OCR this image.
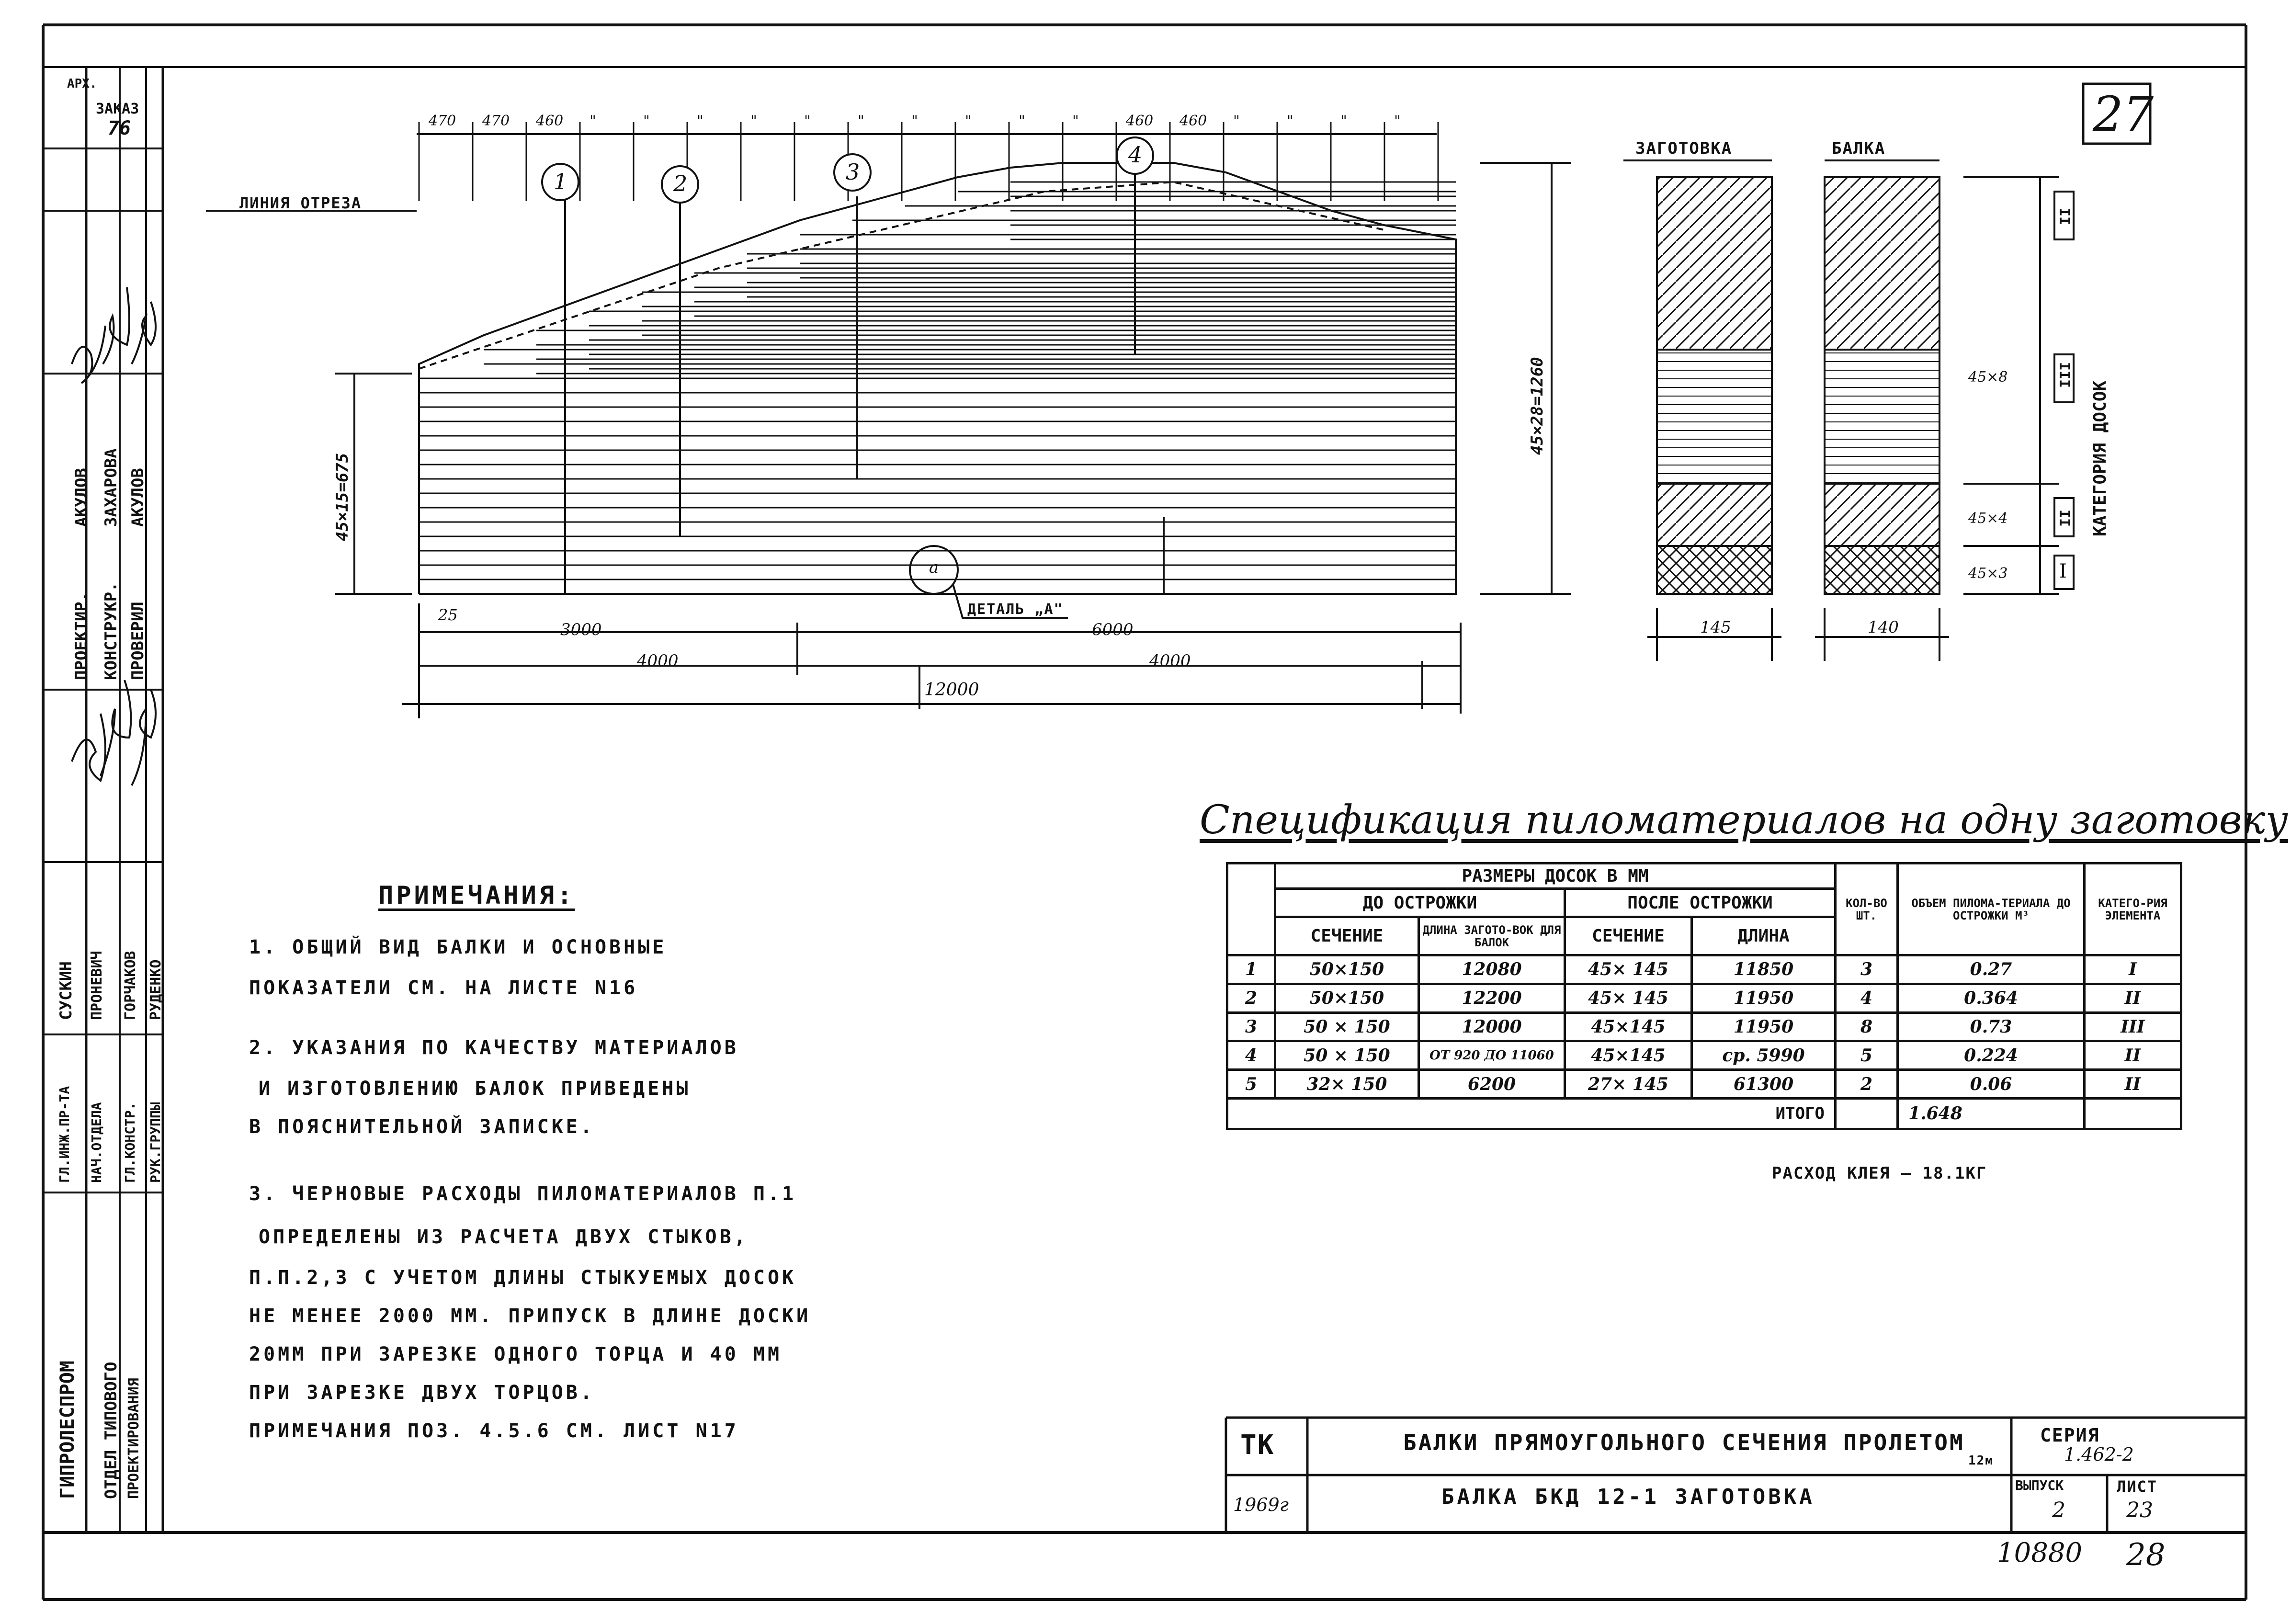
АРХ.
ЗАКАЗ
76
ПРОЕКТИР. КОНСТРУКР. ПРОВЕРИЛ
АКУЛОВ ЗАХАРОВА АКУЛОВ
ГЛ.ИНЖ.ПР-ТА НАЧ.ОТДЕЛА ГЛ.КОНСТР. РУК.ГРУППЫ
СУСКИН ПРОНЕВИЧ ГОРЧАКОВ РУДЕНКО
ГИПРОЛЕСПРОМ ОТДЕЛ ТИПОВОГО ПРОЕКТИРОВАНИЯ
27
ЛИНИЯ ОТРЕЗА
1	2	3
4
470 470 460 "	"	"	"	"	"	"	"	"	"	460 460 "	"	"	"
45×15=675
45×28=1260
25
3000	6000
4000	4000
12000
ДЕТАЛЬ „А"
а
ЗАГОТОВКА	БАЛКА
145	140
45×8
45×4
45×3
II
III
II
I
КАТЕГОРИЯ ДОСОК
Спецификация пиломатериалов на одну заготовку
	РАЗМЕРЫ ДОСОК В ММ				КОЛ-ВО ШТ.	ОБЪЕМ ПИЛОМА-ТЕРИАЛА ДО ОСТРОЖКИ М³	КАТЕГО-РИЯ ЭЛЕМЕНТА
	ДО ОСТРОЖКИ		ПОСЛЕ ОСТРОЖКИ				
	СЕЧЕНИЕ	ДЛИНА ЗАГОТО-ВОК ДЛЯ БАЛОК	СЕЧЕНИЕ	ДЛИНА			
1	50×150	12080	45× 145	11850	3	0.27	I
2	50×150	12200	45× 145	11950	4	0.364	II
3	50 × 150	12000	45×145	11950	8	0.73	III
4	50 × 150	ОТ 920 ДО 11060	45×145	ср. 5990	5	0.224	II
5	32× 150	6200	27× 145	61300	2	0.06	II
ИТОГО						1.648	
РАСХОД КЛЕЯ — 18.1КГ
ПРИМЕЧАНИЯ:
1. ОБЩИЙ ВИД БАЛКИ И ОСНОВНЫЕ
ПОКАЗАТЕЛИ СМ. НА ЛИСТЕ N16
2. УКАЗАНИЯ ПО КАЧЕСТВУ МАТЕРИАЛОВ
И ИЗГОТОВЛЕНИЮ БАЛОК ПРИВЕДЕНЫ
В ПОЯСНИТЕЛЬНОЙ ЗАПИСКЕ.
3. ЧЕРНОВЫЕ РАСХОДЫ ПИЛОМАТЕРИАЛОВ П.1
ОПРЕДЕЛЕНЫ ИЗ РАСЧЕТА ДВУХ СТЫКОВ,
П.П.2,3 С УЧЕТОМ ДЛИНЫ СТЫКУЕМЫХ ДОСОК
НЕ МЕНЕЕ 2000 ММ. ПРИПУСК В ДЛИНЕ ДОСКИ
20ММ ПРИ ЗАРЕЗКЕ ОДНОГО ТОРЦА И 40 ММ
ПРИ ЗАРЕЗКЕ ДВУХ ТОРЦОВ.
ПРИМЕЧАНИЯ ПОЗ. 4.5.6 СМ. ЛИСТ N17	ТК
1969г
БАЛКИ ПРЯМОУГОЛЬНОГО СЕЧЕНИЯ ПРОЛЕТОМ
12м
БАЛКА БКД 12-1 ЗАГОТОВКА
СЕРИЯ
1.462-2
ВЫПУСК
2
ЛИСТ
23
10880 28
